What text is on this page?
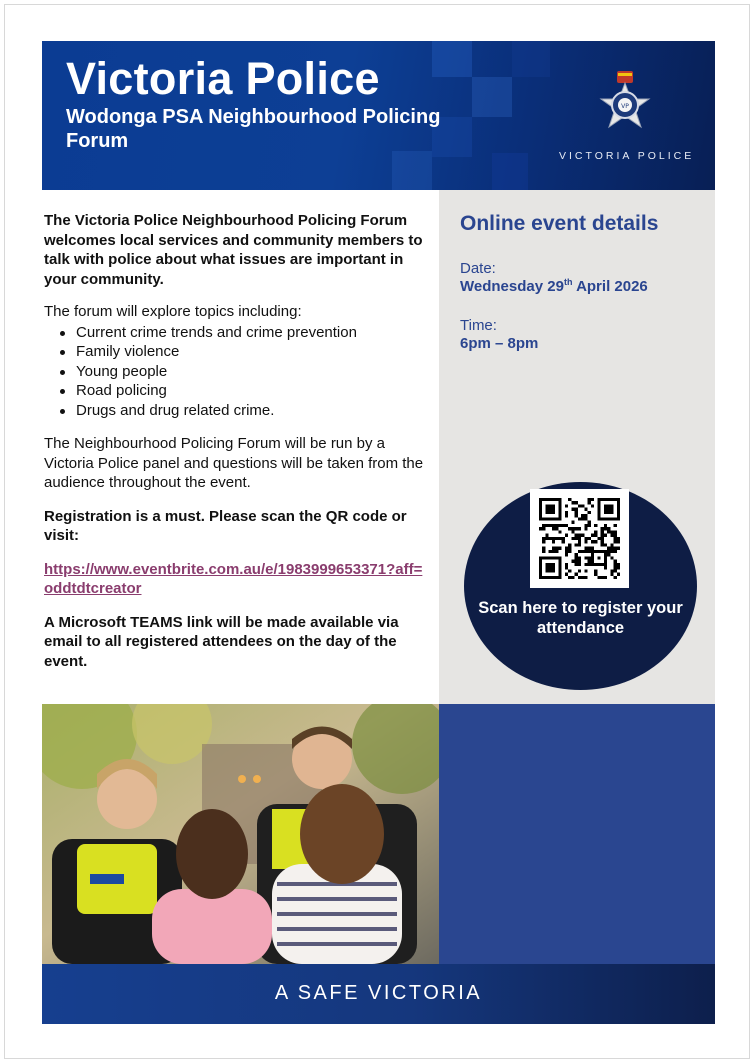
Victoria Police
Wodonga PSA Neighbourhood Policing Forum
VP
VICTORIA POLICE

The Victoria Police Neighbourhood Policing Forum welcomes local services and community members to talk with police about what issues are important in your community.

The forum will explore topics including:

Current crime trends and crime prevention
Family violence
Young people
Road policing
Drugs and drug related crime.

The Neighbourhood Policing Forum will be run by a Victoria Police panel and questions will be taken from the audience throughout the event.

Registration is a must. Please scan the QR code or visit:

https://www.eventbrite.com.au/e/1983999653371?aff=oddtdtcreator

A Microsoft TEAMS link will be made available via email to all registered attendees on the day of the event.

Online event details
Date:
Wednesday 29th April 2026
Time:
6pm – 8pm
Scan here to register your attendance
A SAFE VICTORIA
